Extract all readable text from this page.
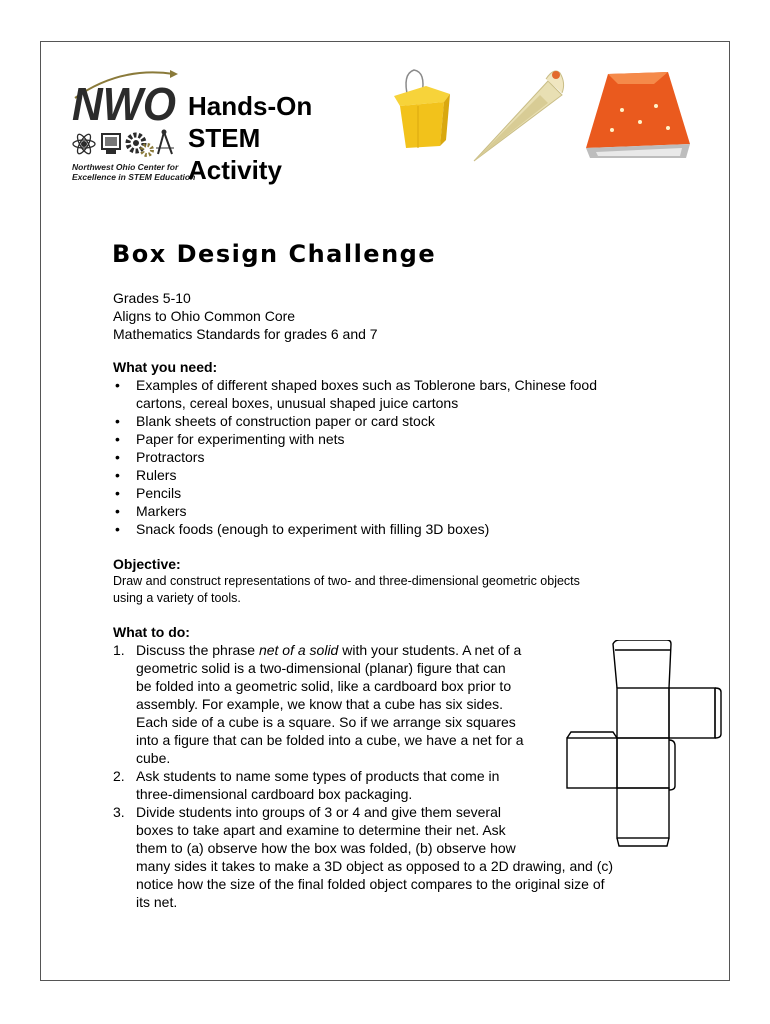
NWO
Northwest Ohio Center for
Excellence in STEM Education
Hands-On
STEM
Activity
Box Design Challenge
Grades 5-10
Aligns to Ohio Common Core
Mathematics Standards for grades 6 and 7
What you need:
• Examples of different shaped boxes such as Toblerone bars, Chinese food
cartons, cereal boxes, unusual shaped juice cartons
• Blank sheets of construction paper or card stock
• Paper for experimenting with nets
• Protractors
• Rulers
• Pencils
• Markers
• Snack foods (enough to experiment with filling 3D boxes)
Objective:
Draw and construct representations of two- and three-dimensional geometric objects
using a variety of tools.
What to do:
1. Discuss the phrase net of a solid with your students. A net of a
geometric solid is a two-dimensional (planar) figure that can
be folded into a geometric solid, like a cardboard box prior to
assembly. For example, we know that a cube has six sides.
Each side of a cube is a square. So if we arrange six squares
into a figure that can be folded into a cube, we have a net for a
cube.
2. Ask students to name some types of products that come in
three-dimensional cardboard box packaging.
3. Divide students into groups of 3 or 4 and give them several
boxes to take apart and examine to determine their net. Ask
them to (a) observe how the box was folded, (b) observe how
many sides it takes to make a 3D object as opposed to a 2D drawing, and (c)
notice how the size of the final folded object compares to the original size of
its net.
